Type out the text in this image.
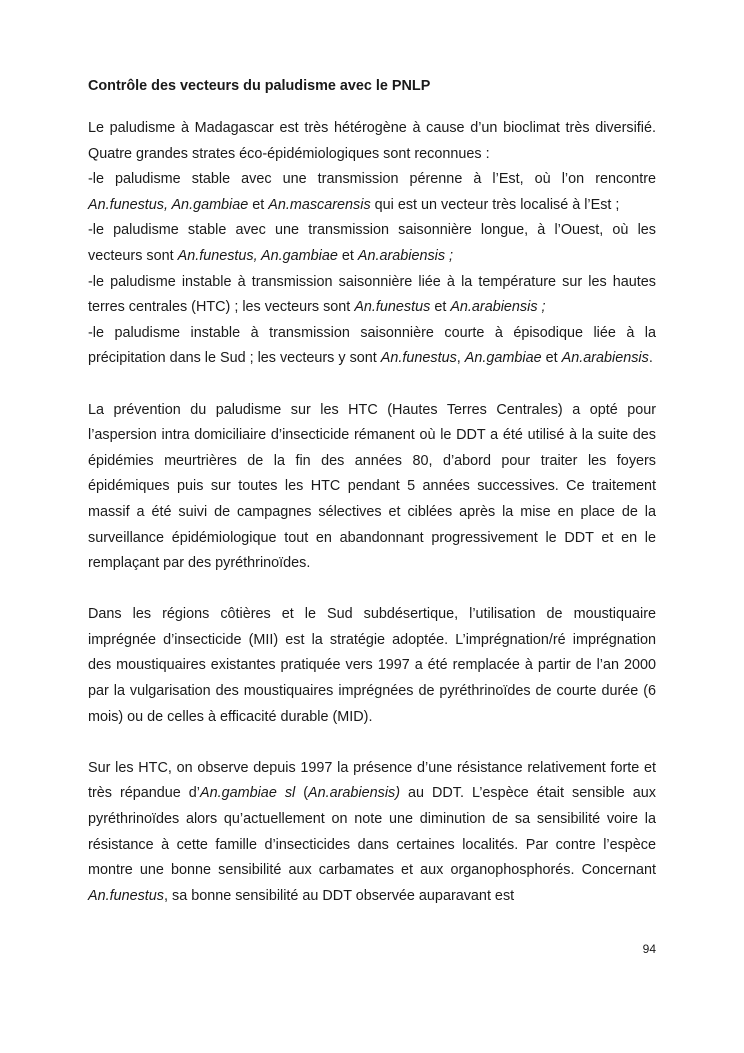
Contrôle des vecteurs du paludisme avec le PNLP
Le paludisme à Madagascar est très hétérogène à cause d’un bioclimat très diversifié. Quatre grandes strates éco-épidémiologiques sont reconnues :
-le paludisme stable avec une transmission pérenne à l’Est, où l’on rencontre An.funestus, An.gambiae et An.mascarensis qui est un vecteur très localisé à l’Est ;
-le paludisme stable avec une transmission saisonnière longue, à l’Ouest, où les vecteurs sont An.funestus, An.gambiae et An.arabiensis ;
-le paludisme instable à transmission saisonnière liée à la température sur les hautes terres centrales (HTC) ; les vecteurs sont An.funestus et An.arabiensis ;
-le paludisme instable à transmission saisonnière courte à épisodique liée à la précipitation dans le Sud ; les vecteurs y sont An.funestus, An.gambiae et An.arabiensis.
La prévention du paludisme sur les HTC (Hautes Terres Centrales) a opté pour l’aspersion intra domiciliaire d’insecticide rémanent où le DDT a été utilisé à la suite des épidémies meurtrières de la fin des années 80, d’abord pour traiter les foyers épidémiques puis sur toutes les HTC pendant 5 années successives. Ce traitement massif a été suivi de campagnes sélectives et ciblées après la mise en place de la surveillance épidémiologique tout en abandonnant progressivement le DDT et en le remplaçant par des pyréthrinoïdes.
Dans les régions côtières et le Sud subdésertique, l’utilisation de moustiquaire imprégnée d’insecticide (MII) est la stratégie adoptée. L’imprégnation/ré imprégnation des moustiquaires existantes pratiquée vers 1997 a été remplacée à partir de l’an 2000 par la vulgarisation des moustiquaires imprégnées de pyréthrinoïdes de courte durée (6 mois) ou de celles à efficacité durable (MID).
Sur les HTC, on observe depuis 1997 la présence d’une résistance relativement forte et très répandue d’An.gambiae sl (An.arabiensis) au DDT. L’espèce était sensible aux pyréthrinoïdes alors qu’actuellement on note une diminution de sa sensibilité voire la résistance à cette famille d’insecticides dans certaines localités. Par contre l’espèce montre une bonne sensibilité aux carbamates et aux organophosphorés. Concernant An.funestus, sa bonne sensibilité au DDT observée auparavant est
94
